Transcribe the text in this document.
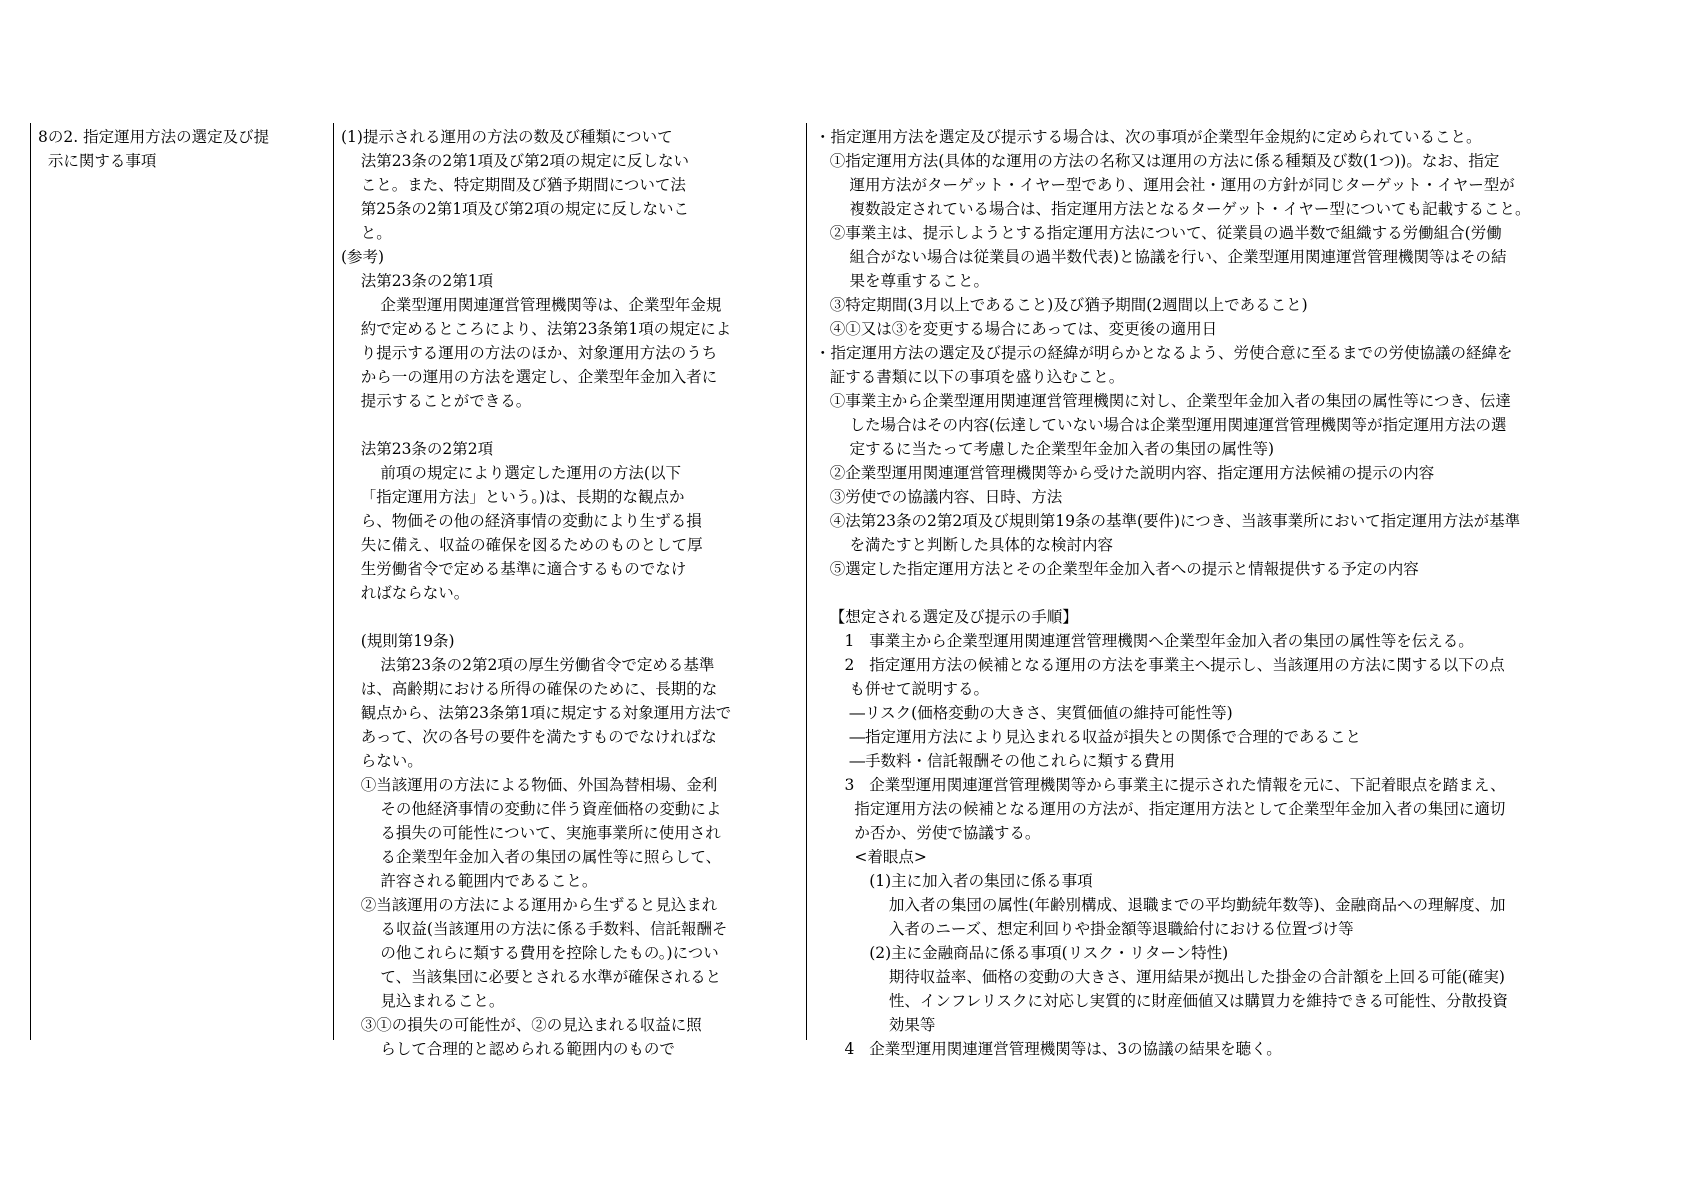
8の2. 指定運用方法の選定及び提
示に関する事項
(1)提示される運用の方法の数及び種類について
法第23条の2第1項及び第2項の規定に反しない
こと。また、特定期間及び猶予期間について法
第25条の2第1項及び第2項の規定に反しないこ
と。
(参考)
法第23条の2第1項
企業型運用関連運営管理機関等は、企業型年金規
約で定めるところにより、法第23条第1項の規定によ
り提示する運用の方法のほか、対象運用方法のうち
から一の運用の方法を選定し、企業型年金加入者に
提示することができる。
法第23条の2第2項
前項の規定により選定した運用の方法(以下
「指定運用方法」という。)は、長期的な観点か
ら、物価その他の経済事情の変動により生ずる損
失に備え、収益の確保を図るためのものとして厚
生労働省令で定める基準に適合するものでなけ
ればならない。
(規則第19条)
法第23条の2第2項の厚生労働省令で定める基準
は、高齢期における所得の確保のために、長期的な
観点から、法第23条第1項に規定する対象運用方法で
あって、次の各号の要件を満たすものでなければな
らない。
①当該運用の方法による物価、外国為替相場、金利
その他経済事情の変動に伴う資産価格の変動によ
る損失の可能性について、実施事業所に使用され
る企業型年金加入者の集団の属性等に照らして、
許容される範囲内であること。
②当該運用の方法による運用から生ずると見込まれ
る収益(当該運用の方法に係る手数料、信託報酬そ
の他これらに類する費用を控除したもの。)につい
て、当該集団に必要とされる水準が確保されると
見込まれること。
③①の損失の可能性が、②の見込まれる収益に照
らして合理的と認められる範囲内のもので
・指定運用方法を選定及び提示する場合は、次の事項が企業型年金規約に定められていること。
①指定運用方法(具体的な運用の方法の名称又は運用の方法に係る種類及び数(1つ))。なお、指定
運用方法がターゲット・イヤー型であり、運用会社・運用の方針が同じターゲット・イヤー型が
複数設定されている場合は、指定運用方法となるターゲット・イヤー型についても記載すること。
②事業主は、提示しようとする指定運用方法について、従業員の過半数で組織する労働組合(労働
組合がない場合は従業員の過半数代表)と協議を行い、企業型運用関連運営管理機関等はその結
果を尊重すること。
③特定期間(3月以上であること)及び猶予期間(2週間以上であること)
④①又は③を変更する場合にあっては、変更後の適用日
・指定運用方法の選定及び提示の経緯が明らかとなるよう、労使合意に至るまでの労使協議の経緯を
証する書類に以下の事項を盛り込むこと。
①事業主から企業型運用関連運営管理機関に対し、企業型年金加入者の集団の属性等につき、伝達
した場合はその内容(伝達していない場合は企業型運用関連運営管理機関等が指定運用方法の選
定するに当たって考慮した企業型年金加入者の集団の属性等)
②企業型運用関連運営管理機関等から受けた説明内容、指定運用方法候補の提示の内容
③労使での協議内容、日時、方法
④法第23条の2第2項及び規則第19条の基準(要件)につき、当該事業所において指定運用方法が基準
を満たすと判断した具体的な検討内容
⑤選定した指定運用方法とその企業型年金加入者への提示と情報提供する予定の内容
【想定される選定及び提示の手順】
1   事業主から企業型運用関連運営管理機関へ企業型年金加入者の集団の属性等を伝える。
2   指定運用方法の候補となる運用の方法を事業主へ提示し、当該運用の方法に関する以下の点
も併せて説明する。
―リスク(価格変動の大きさ、実質価値の維持可能性等)
―指定運用方法により見込まれる収益が損失との関係で合理的であること
―手数料・信託報酬その他これらに類する費用
3   企業型運用関連運営管理機関等から事業主に提示された情報を元に、下記着眼点を踏まえ、
指定運用方法の候補となる運用の方法が、指定運用方法として企業型年金加入者の集団に適切
か否か、労使で協議する。
<着眼点>
(1)主に加入者の集団に係る事項
加入者の集団の属性(年齢別構成、退職までの平均勤続年数等)、金融商品への理解度、加
入者のニーズ、想定利回りや掛金額等退職給付における位置づけ等
(2)主に金融商品に係る事項(リスク・リターン特性)
期待収益率、価格の変動の大きさ、運用結果が拠出した掛金の合計額を上回る可能(確実)
性、インフレリスクに対応し実質的に財産価値又は購買力を維持できる可能性、分散投資
効果等
4   企業型運用関連運営管理機関等は、3の協議の結果を聴く。
